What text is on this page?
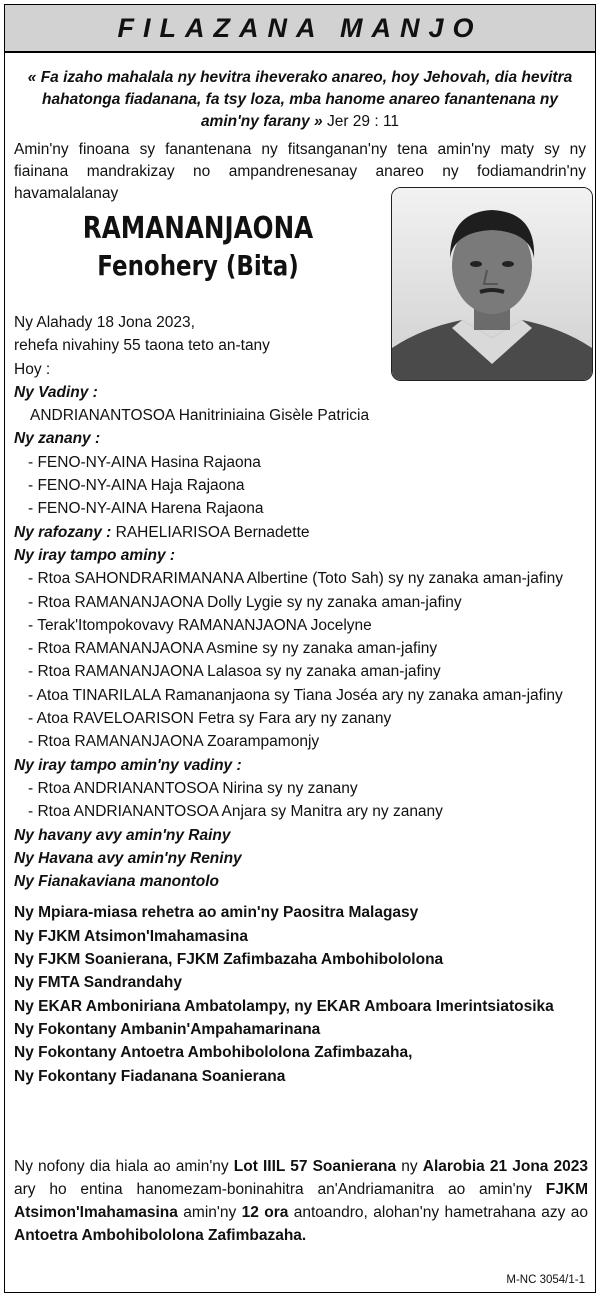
FILAZANA MANJO
« Fa izaho mahalala ny hevitra iheverako anareo, hoy Jehovah, dia hevitra hahatonga fiadanana, fa tsy loza, mba hanome anareo fanantenana ny amin'ny farany » Jer 29 : 11
Amin'ny finoana sy fanantenana ny fitsanganan'ny tena amin'ny maty sy ny fiainana mandrakizay no ampandrenesanay anareo ny fodiamandrin'ny havamalalanay
RAMANANJAONA
Fenohery (Bita)
Ny Alahady 18 Jona 2023,
rehefa nivahiny 55 taona teto an-tany
Hoy :
Ny Vadiny :
ANDRIANANTOSOA Hanitriniaina Gisèle Patricia
Ny zanany :
- FENO-NY-AINA Hasina Rajaona
- FENO-NY-AINA Haja Rajaona
- FENO-NY-AINA Harena Rajaona
Ny rafozany : RAHELIARISOA Bernadette
Ny iray tampo aminy :
- Rtoa SAHONDRARIMANANA Albertine (Toto Sah) sy ny zanaka aman-jafiny
- Rtoa RAMANANJAONA Dolly Lygie sy ny zanaka aman-jafiny
- Terak'Itompokovavy RAMANANJAONA Jocelyne
- Rtoa RAMANANJAONA Asmine sy ny zanaka aman-jafiny
- Rtoa RAMANANJAONA Lalasoa sy ny zanaka aman-jafiny
- Atoa TINARILALA Ramananjaona sy Tiana Joséa ary ny zanaka aman-jafiny
- Atoa RAVELOARISON Fetra sy Fara ary ny zanany
- Rtoa RAMANANJAONA Zoarampamonjy
Ny iray tampo amin'ny vadiny :
- Rtoa ANDRIANANTOSOA Nirina sy ny zanany
- Rtoa ANDRIANANTOSOA Anjara sy Manitra ary ny zanany
Ny havany avy amin'ny Rainy
Ny Havana avy amin'ny Reniny
Ny Fianakaviana manontolo
Ny Mpiara-miasa rehetra ao amin'ny Paositra Malagasy
Ny FJKM Atsimon'Imahamasina
Ny FJKM Soanierana, FJKM Zafimbazaha Ambohibololona
Ny FMTA Sandrandahy
Ny EKAR Amboniriana Ambatolampy, ny EKAR Amboara Imerintsiatosika
Ny Fokontany Ambanin'Ampahamarinana
Ny Fokontany Antoetra Ambohibololona Zafimbazaha,
Ny Fokontany Fiadanana Soanierana
Ny nofony dia hiala ao amin'ny Lot IIIL 57 Soanierana ny Alarobia 21 Jona 2023 ary ho entina hanomezam-boninahitra an'Andriamanitra ao amin'ny FJKM Atsimon'Imahamasina amin'ny 12 ora antoandro, alohan'ny hametrahana azy ao Antoetra Ambohibololona Zafimbazaha.
M-NC 3054/1-1
